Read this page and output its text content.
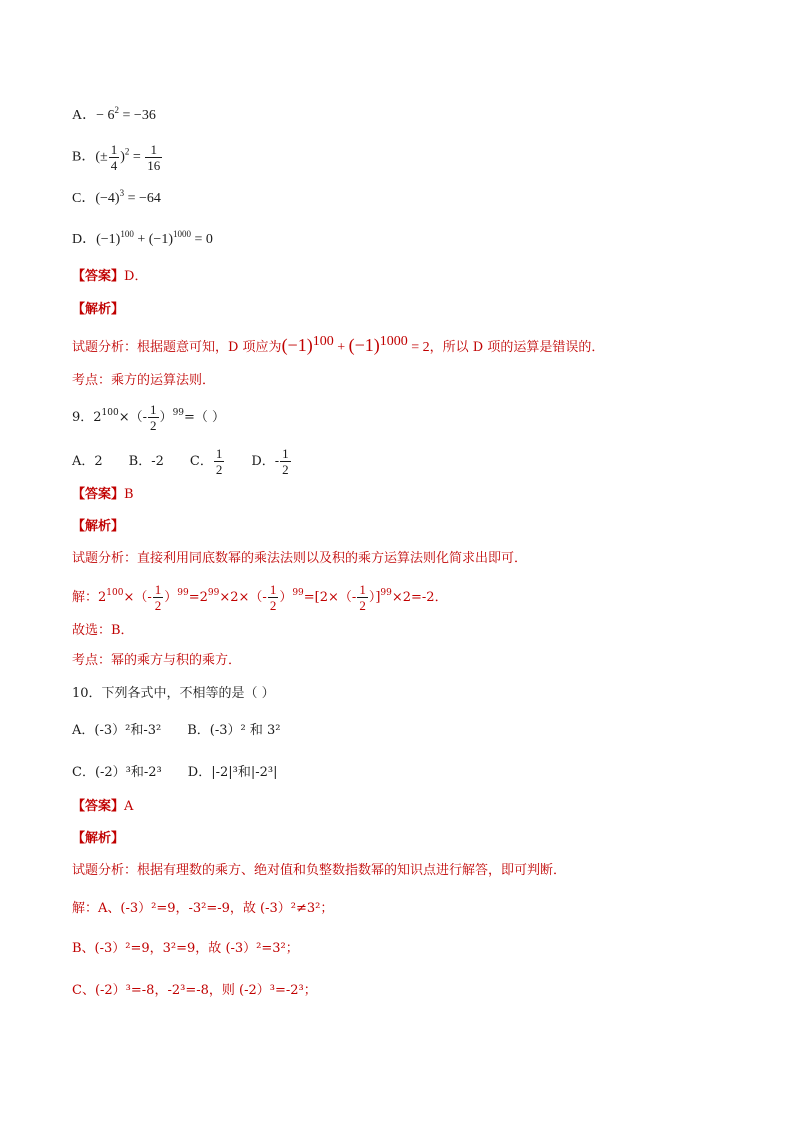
A．− $6^2 = -36$
B．(± $\frac{1}{4} )^2 = \frac{1}{16}$
C．$(-4)^3 = -64$
D．$(-1)^{100} + (-1)^{1000} = 0$
【答案】D．
【解析】
试题分析：根据题意可知，D 项应为$(-1)^{100} + (-1)^{1000} = 2$，所以 D 项的运算是错误的．
考点：乘方的运算法则．
9．$2^{100}\times(- \frac{1}{2} )^{99}=$（ ）
A．2 B．-2 C． $\frac{1}{2}$ D．- $\frac{1}{2}$
【答案】B
【解析】
试题分析：直接利用同底数幂的乘法法则以及积的乘方运算法则化简求出即可．
解：$2^{100}\times(- \frac{1}{2} )^{99}=2^{99}\times 2\times(- \frac{1}{2} )^{99}=[2\times(- \frac{1}{2} )]^{99}\times 2=-2$．
故选：B．
考点：幂的乘方与积的乘方．
10．下列各式中，不相等的是（ ）
A．(-3）²和-3² B．(-3）² 和 3²
C．(-2）³和-2³ D．|-2|³和|-2³|
【答案】A
【解析】
试题分析：根据有理数的乘方、绝对值和负整数指数幂的知识点进行解答，即可判断．
解：A、(-3）²=9，-3²=-9，故 (-3）²≠3²；
B、(-3）²=9，3²=9，故 (-3）²=3²；
C、(-2）³=-8，-2³=-8，则 (-2）³=-2³；
